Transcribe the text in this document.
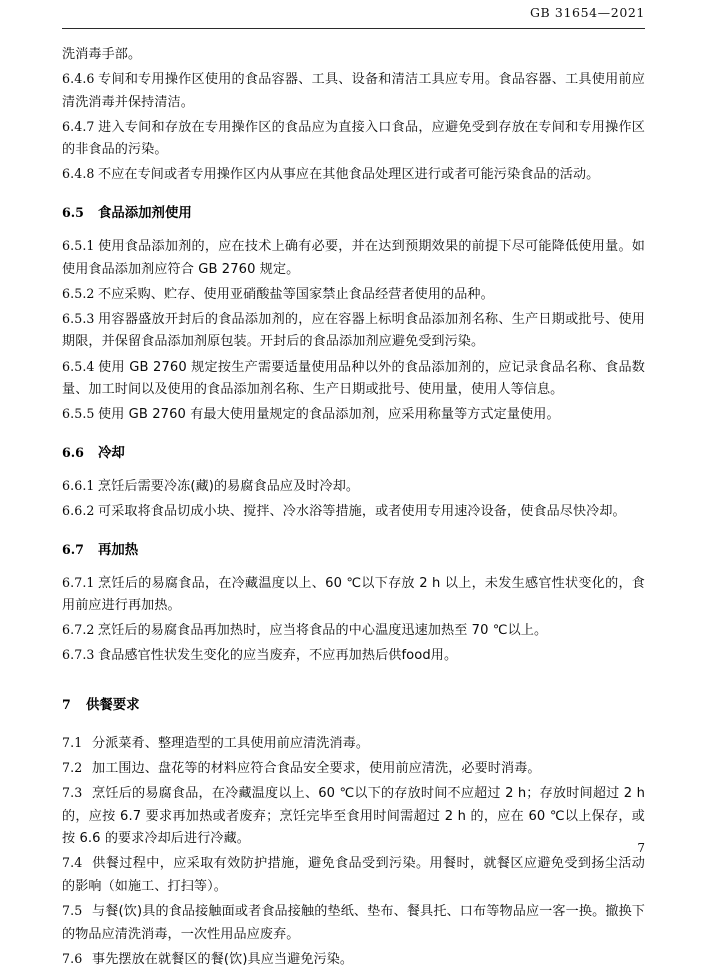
GB 31654—2021

洗消毒手部。

6.4.6 专间和专用操作区使用的食品容器、工具、设备和清洁工具应专用。食品容器、工具使用前应清洗消毒并保持清洁。

6.4.7 进入专间和存放在专用操作区的食品应为直接入口食品，应避免受到存放在专间和专用操作区的非食品的污染。

6.4.8 不应在专间或者专用操作区内从事应在其他食品处理区进行或者可能污染食品的活动。

6.5 食品添加剂使用

6.5.1 使用食品添加剂的，应在技术上确有必要，并在达到预期效果的前提下尽可能降低使用量。如使用食品添加剂应符合 GB 2760 规定。

6.5.2 不应采购、贮存、使用亚硝酸盐等国家禁止食品经营者使用的品种。

6.5.3 用容器盛放开封后的食品添加剂的，应在容器上标明食品添加剂名称、生产日期或批号、使用期限，并保留食品添加剂原包装。开封后的食品添加剂应避免受到污染。

6.5.4 使用 GB 2760 规定按生产需要适量使用品种以外的食品添加剂的，应记录食品名称、食品数量、加工时间以及使用的食品添加剂名称、生产日期或批号、使用量，使用人等信息。

6.5.5 使用 GB 2760 有最大使用量规定的食品添加剂，应采用称量等方式定量使用。

6.6 冷却

6.6.1 烹饪后需要冷冻(藏)的易腐食品应及时冷却。

6.6.2 可采取将食品切成小块、搅拌、冷水浴等措施，或者使用专用速冷设备，使食品尽快冷却。

6.7 再加热

6.7.1 烹饪后的易腐食品，在冷藏温度以上、60 ℃以下存放 2 h 以上，未发生感官性状变化的，食用前应进行再加热。

6.7.2 烹饪后的易腐食品再加热时，应当将食品的中心温度迅速加热至 70 ℃以上。

6.7.3 食品感官性状发生变化的应当废弃，不应再加热后供food用。

7 供餐要求

7.1 分派菜肴、整理造型的工具使用前应清洗消毒。

7.2 加工围边、盘花等的材料应符合食品安全要求，使用前应清洗，必要时消毒。

7.3 烹饪后的易腐食品，在冷藏温度以上、60 ℃以下的存放时间不应超过 2 h；存放时间超过 2 h 的，应按 6.7 要求再加热或者废弃；烹饪完毕至食用时间需超过 2 h 的，应在 60 ℃以上保存，或按 6.6 的要求冷却后进行冷藏。

7.4 供餐过程中，应采取有效防护措施，避免食品受到污染。用餐时，就餐区应避免受到扬尘活动的影响（如施工、打扫等）。

7.5 与餐(饮)具的食品接触面或者食品接触的垫纸、垫布、餐具托、口布等物品应一客一换。撤换下的物品应清洗消毒，一次性用品应废弃。

7.6 事先摆放在就餐区的餐(饮)具应当避免污染。

7
